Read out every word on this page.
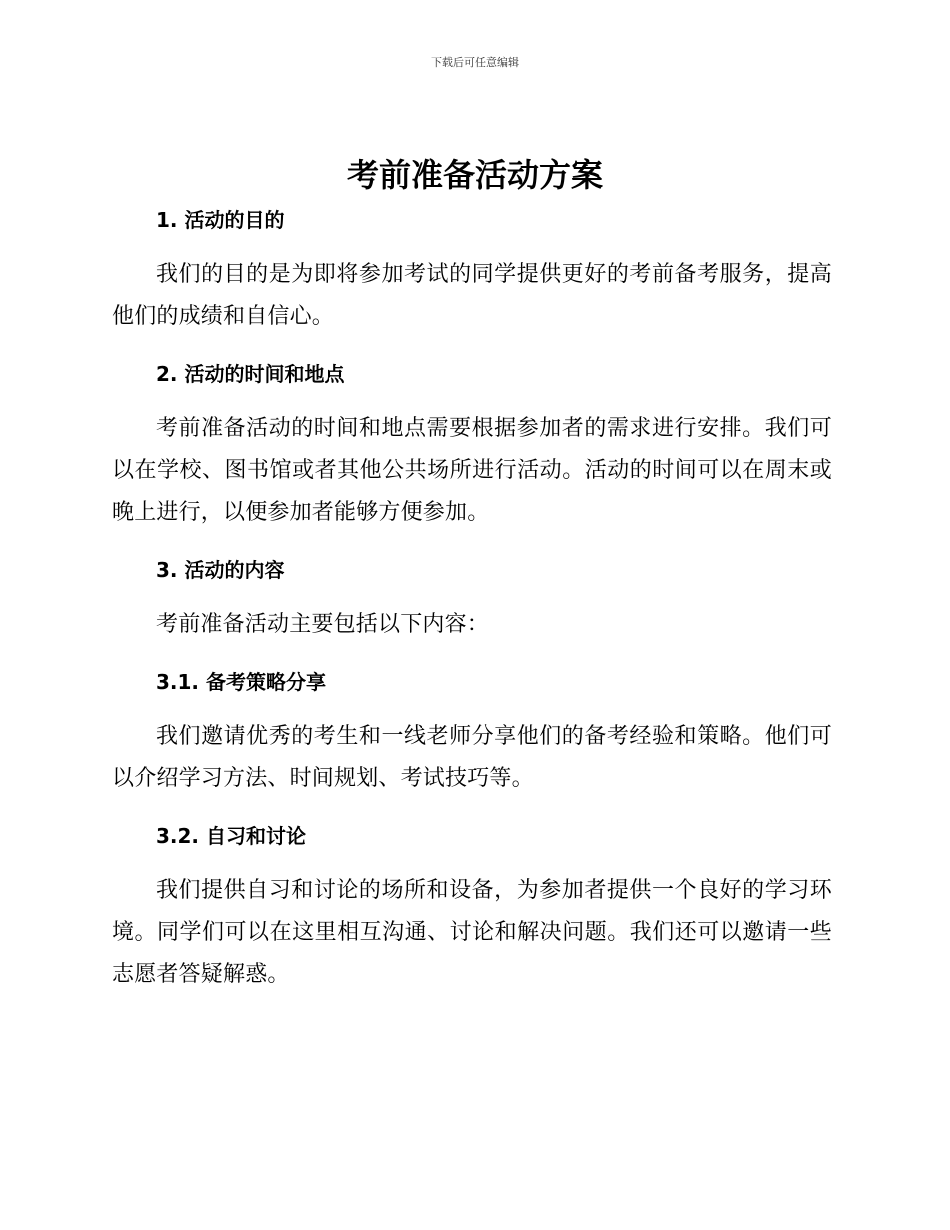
下载后可任意编辑
考前准备活动方案
1. 活动的目的

我们的目的是为即将参加考试的同学提供更好的考前备考服务，提高他们的成绩和自信心。

2. 活动的时间和地点

考前准备活动的时间和地点需要根据参加者的需求进行安排。我们可以在学校、图书馆或者其他公共场所进行活动。活动的时间可以在周末或晚上进行，以便参加者能够方便参加。

3. 活动的内容

考前准备活动主要包括以下内容：

3.1. 备考策略分享

我们邀请优秀的考生和一线老师分享他们的备考经验和策略。他们可以介绍学习方法、时间规划、考试技巧等。

3.2. 自习和讨论

我们提供自习和讨论的场所和设备，为参加者提供一个良好的学习环境。同学们可以在这里相互沟通、讨论和解决问题。我们还可以邀请一些志愿者答疑解惑。
